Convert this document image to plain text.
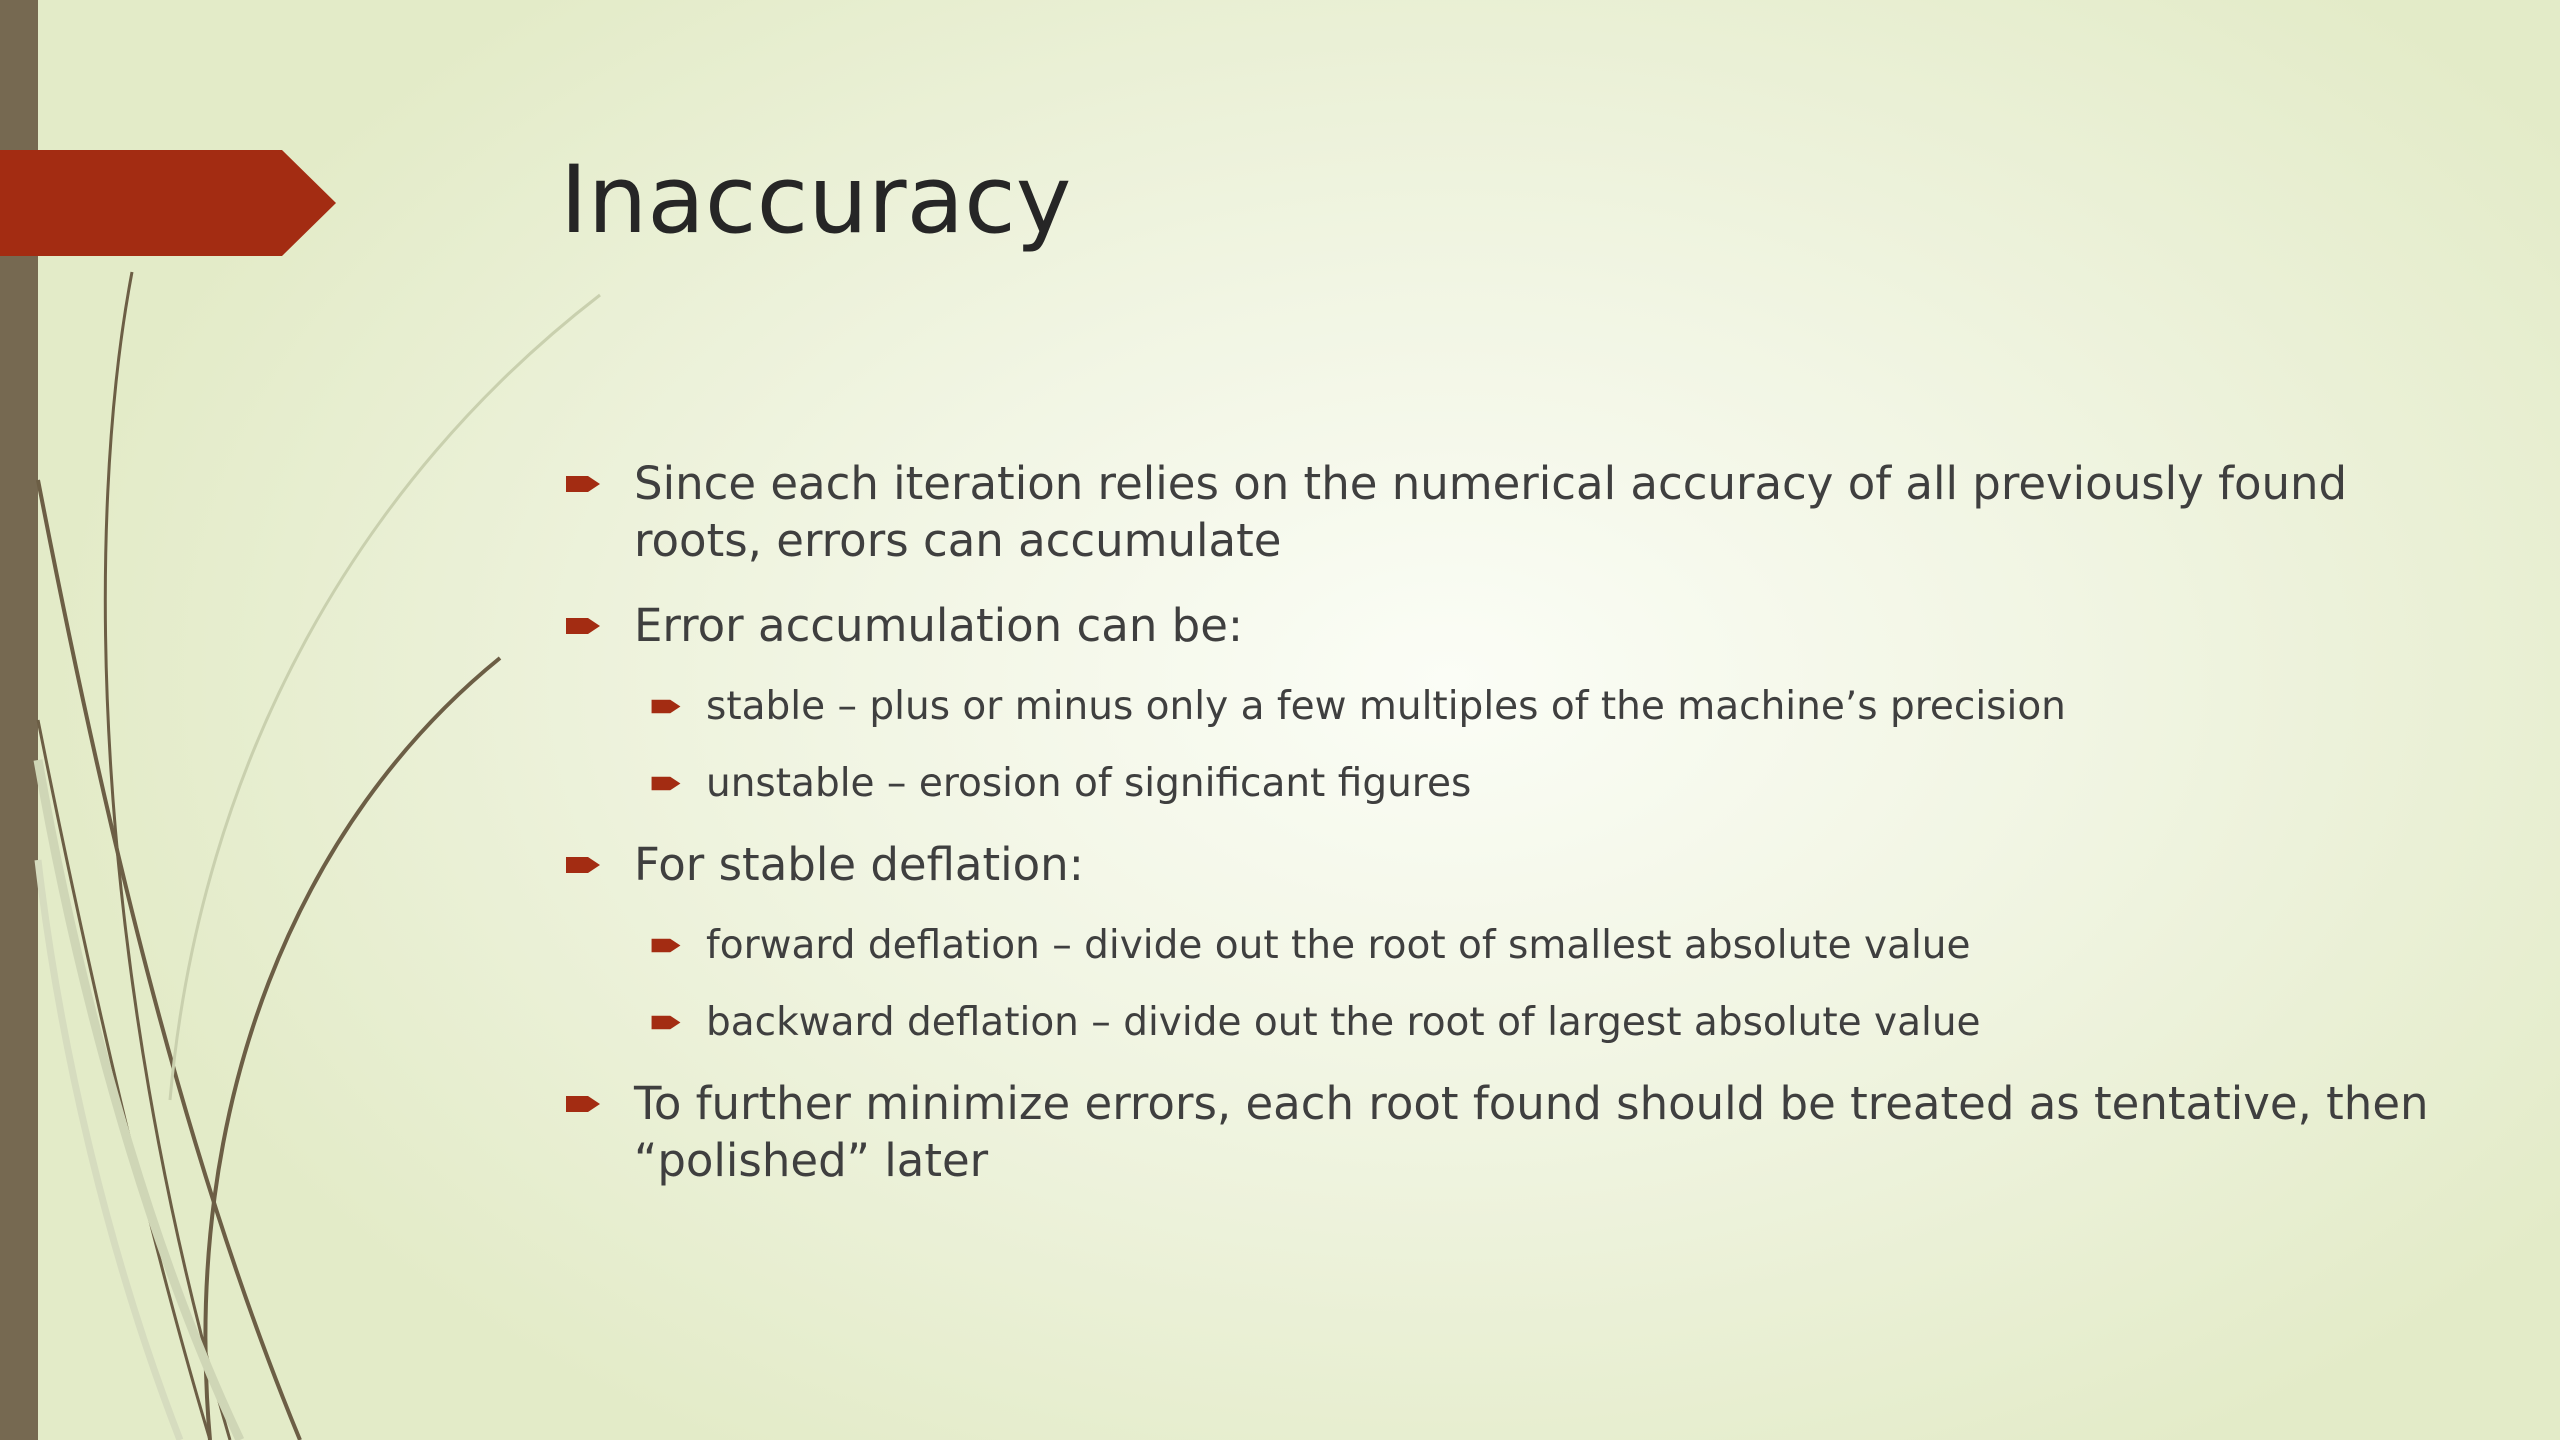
Inaccuracy
Since each iteration relies on the numerical accuracy of all previously found roots, errors can accumulate
Error accumulation can be:
stable – plus or minus only a few multiples of the machine’s precision
unstable – erosion of significant figures
For stable deflation:
forward deflation – divide out the root of smallest absolute value
backward deflation – divide out the root of largest absolute value
To further minimize errors, each root found should be treated as tentative, then “polished” later
